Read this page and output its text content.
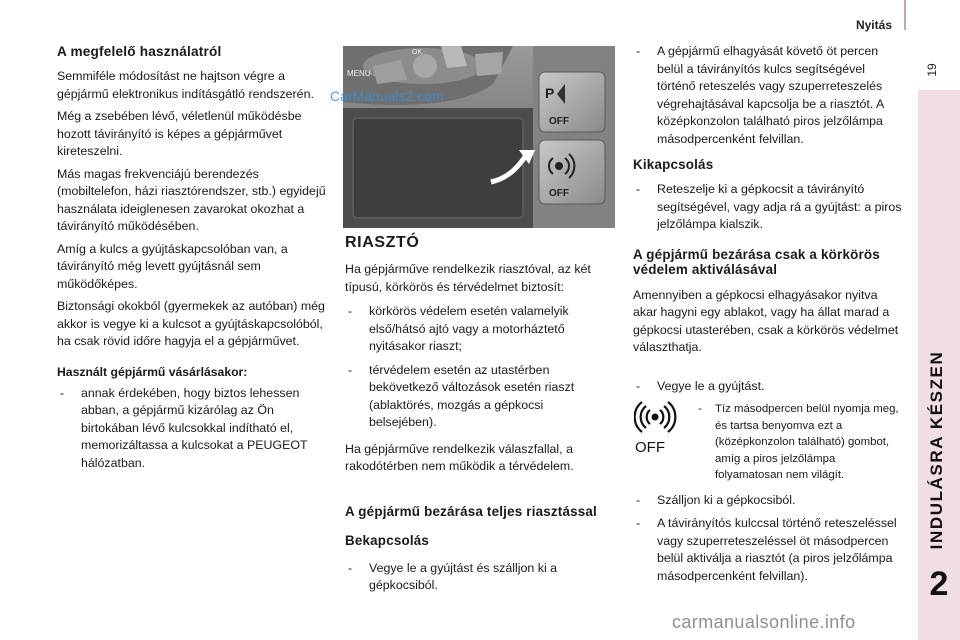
Nyitás
19
INDULÁSRA KÉSZEN
2
A megfelelő használatról

Semmiféle módosítást ne hajtson végre a gépjármű elektronikus indításgátló rendszerén.

Még a zsebében lévő, véletlenül működésbe hozott távirányító is képes a gépjárművet kireteszelni.

Más magas frekvenciájú berendezés (mobiltelefon, házi riasztórendszer, stb.) egyidejű használata ideiglenesen zavarokat okozhat a távirányító működésében.

Amíg a kulcs a gyújtáskapcsolóban van, a távirányító még levett gyújtásnál sem működőképes.

Biztonsági okokból (gyermekek az autóban) még akkor is vegye ki a kulcsot a gyújtáskapcsolóból, ha csak rövid időre hagyja el a gépjárművet.

Használt gépjármű vásárlásakor:
- annak érdekében, hogy biztos lehessen abban, a gépjármű kizárólag az Ön birtokában lévő kulcsokkal indítható el, memorizáltassa a kulcsokat a PEUGEOT hálózatban.
MENU
OK
P
OFF
OFF
CarManuals2.com
RIASZTÓ

Ha gépjárműve rendelkezik riasztóval, az két típusú, körkörös és térvédelmet biztosít:

- körkörös védelem esetén valamelyik első/hátsó ajtó vagy a motorháztető nyitásakor riaszt;
- térvédelem esetén az utastérben bekövetkező változások esetén riaszt (ablaktörés, mozgás a gépkocsi belsejében).

Ha gépjárműve rendelkezik válaszfallal, a rakodótérben nem működik a térvédelem.

A gépjármű bezárása teljes riasztással
Bekapcsolás
- Vegye le a gyújtást és szálljon ki a gépkocsiból.
- A gépjármű elhagyását követő öt percen belül a távirányítós kulcs segítségével történő reteszelés vagy szuperreteszelés végrehajtásával kapcsolja be a riasztót. A középkonzolon található piros jelzőlámpa másodpercenként felvillan.
Kikapcsolás
- Reteszelje ki a gépkocsit a távirányító segítségével, vagy adja rá a gyújtást: a piros jelzőlámpa kialszik.
A gépjármű bezárása csak a körkörös védelem aktiválásával

Amennyiben a gépkocsi elhagyásakor nyitva akar hagyni egy ablakot, vagy ha állat marad a gépkocsi utasterében, csak a körkörös védelmet választhatja.

- Vegye le a gyújtást.
- Tíz másodpercen belül nyomja meg, és tartsa benyomva ezt a (középkonzolon található) gombot, amíg a piros jelzőlámpa folyamatosan nem világít.
- Szálljon ki a gépkocsiból.
- A távirányítós kulccsal történő reteszeléssel vagy szuperreteszeléssel öt másodpercen belül aktiválja a riasztót (a piros jelzőlámpa másodpercenként felvillan).
OFF
carmanualsonline.info
